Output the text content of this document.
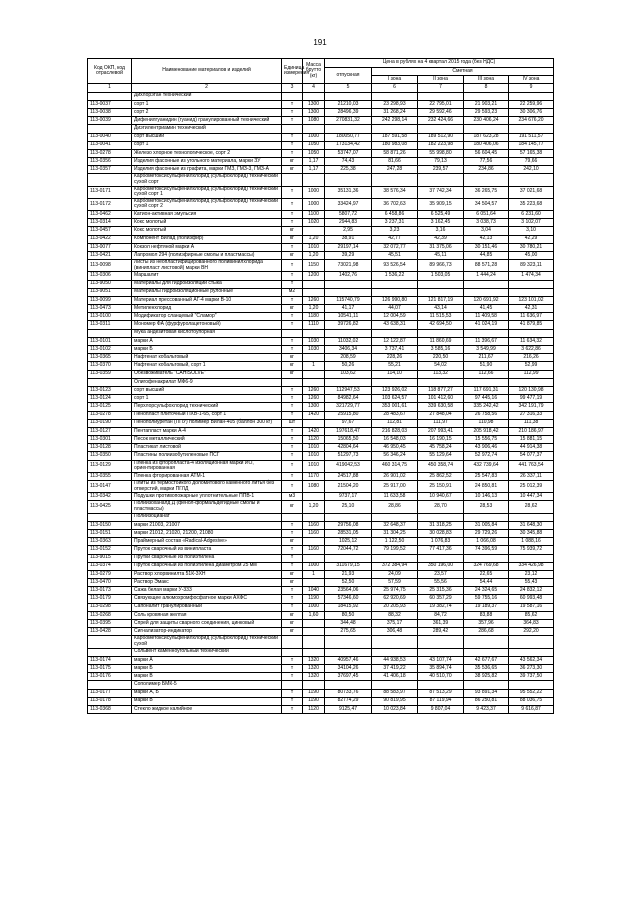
191
Код ОКП, код отраслевой	Наименование материалов и изделий	Единица измерения	Масса брутто (кг)	Цена в рублях на 4 квартал 2015 года (без НДС)				
				отпускная	Сметная			
					I зона	II зона	III зона	IV зона
1	2	3	4	5	6	7	8	9
	Дихлорэтан технический							
113-0037	сорт 1	т	1300	21210,03	23 298,93	22 795,01	21 903,21	22 259,96
113-0038	сорт 2	т	1300	28496,39	31 268,24	29 592,46	29 593,23	30 306,76
113-0039	Дифенилгуанидин (гуанид) гранулированный технический	т	1080	270831,32	242 298,14	232 424,66	230 406,24	234 676,20
	Диэтилентриамин технический							
113-0040	сорт высший	т	1000	180050,77	187 591,58	189 512,90	187 623,28	191 511,57
113-0041	сорт 1	т	1050	173134,42	180 983,08	182 223,98	180 406,06	184 145,77
113-0278	Железо хлорное технологическое, сорт 2	т	1050	53747,07	58 871,26	55 998,80	56 604,45	57 165,38
113-0356	Изделия фасонные из угольного материала, марки ЗУ	кг	1,17	74,43	81,66	79,13	77,56	79,66
113-0357	Изделия фасонные из графита, марки ГМЗ, ГМЗ-3, ГМЗ-А	кг	1,17	225,38	247,28	239,57	234,86	242,10
	Карбометоксисульфенилхлорид (сульфохлорид) технический сухой сорт							
113-0171	Карбометоксисульфенилхлорид (сульфохлорид) технический сухой сорт 1	т	1000	35131,36	38 576,34	37 742,34	36 265,75	37 021,68
113-0172	Карбометоксисульфенилхлорид (сульфохлорид) технический сухой сорт 2	т	1000	33424,97	36 702,63	35 909,15	34 504,57	35 223,68
113-0462	Катион-активная эмульсия	т	1100	5807,72	6 458,86	6 525,49	6 051,64	6 231,60
113-0314	Кокс молотый	т	1020	2944,83	3 237,31	3 162,45	3 038,73	3 102,07
113-0457	Кокс молотый	кг		2,95	3,23	3,16	3,04	3,10
113-0422	Компонент Вилад (полиэфир)	кг	1,20	38,91	42,77	42,39	42,13	42,29
113-0077	Кокзол нефтяной марки А	т	1010	29197,14	32 072,77	31 375,06	30 151,46	30 780,21
113-0421	Лапромол 294 (полиэфирные смолы и пластмассы)	кг	1,20	39,29	45,51	45,11	44,85	45,00
113-0098	Листы из неопластифицированного поливинилхлорида (винипласт листовой) марки ВН	т	1150	73021,98	93 526,54	89 966,73	88 571,28	89 323,11
113-0306	Маршалит	т	1200	1402,76	1 536,22	1 503,05	1 444,24	1 474,34
113-9050	Материалы для гидроизоляции стыка	т						
113-9051	Материалы гидроизоляционные рулонные	м2						
113-0099	Материал прессованный АГ-4 марки В-10	т	1260	115740,79	126 990,80	121 817,19	120 691,92	123 101,02
113-0473	Метиленхлорид	кг	1,20	41,17	44,07	43,14	41,45	42,31
113-0100	Модификатор сланцевый "Сламор"	т	1180	10541,11	12 004,59	11 515,53	11 409,58	11 636,97
113-0311	Мономер ФА (фурфуролацетоновый)	т	1110	39726,82	43 638,31	42 694,50	41 024,19	41 879,85
	Мука андезитовая кислотоупорная							
113-0101	марки А	т	1030	11032,02	12 122,87	11 860,69	11 396,67	11 634,32
113-0102	марки Б	т	1030	3406,34	3 737,41	3 585,16	3 549,99	3 622,86
113-0365	Нафтенат кобальтовый	кг		208,59	228,26	220,50	211,67	216,26
113-0370	Нафтенат кобальтовый, сорт 1	кг	1	50,26	55,21	54,02	51,90	52,99
113-0359	Обезвоживатель "САНISOLVE"	кг		103,62	114,10	113,32	112,66	112,99
	Олигофенакрилат МФ6-9							
113-0123	сорт высший	т	1260	112947,53	123 926,02	118 877,27	117 691,31	120 130,98
113-0124	сорт 1	т	1260	84982,64	103 624,57	101 412,60	97 445,16	99 477,19
113-0125	Перхлорсульфохлорид технический	т	1300	321729,77	353 001,61	339 630,58	335 242,42	342 191,79
113-0278	Пенопласт плиточный ПХВ-1-65, сорт 1	т	1420	25915,80	28 483,67	27 848,04	26 758,56	27 316,33
113-0190	Пенополиуретан (ППУ) полимер Вилан-405 (баллон 300 кг)	шт		97,67	112,81	111,97	110,98	111,38
113-0127	Пентапласт марки А-4	т	1420	197618,47	216 828,03	207 993,41	205 918,42	210 186,97
113-0301	Песок металлический	т	1120	15065,50	16 548,03	16 190,15	15 556,75	15 881,15
113-0128	Пластикат листовой	т	1010	42804,64	46 950,45	45 758,24	43 906,46	44 914,38
113-0350	Пластины полиизобутиленовые ПСГ	т	1010	51297,73	56 346,24	55 129,64	52 972,74	54 077,37
113-0129	Пленка из фторопласта-4 изоляционная марки ИО, ориентированная	т	1010	419042,53	460 314,75	450 358,74	432 739,64	441 763,54
113-0355	Пленка фторированная АТМ-1	т	1170	24517,88	26 901,02	25 862,52	25 547,83	26 337,11
113-0147	Плиты из термостойкого доломитового каменного литья без отверстий, марки ПГЛД	т	1080	21504,20	25 917,00	25 150,91	24 850,81	25 012,39
113-0342	Подушки противопожарные уплотнительные ППВ-1	м3		9737,17	11 633,58	10 940,67	10 146,13	10 447,34
113-0425	Полиизоханалд Д (фенол-формальдегидные смолы и пластмассы)	кг	1,20	25,10	28,86	28,70	28,53	28,62
	Полиизоцианат							
113-0150	марки 21003, 21007	т	1160	29756,08	32 648,37	31 318,25	31 005,84	31 648,30
113-0151	марки 21012, 21020, 21200, 21080	т	1160	28531,05	31 304,25	30 028,83	29 729,26	30 345,88
113-0363	Праймерный состав «Radical-Adgesive»	кг		1025,12	1 122,50	1 076,83	1 066,08	1 088,16
113-0152	Пруток сварочный из винипласта	т	1160	72044,72	79 199,52	77 417,36	74 396,59	75 939,72
113-9015	Прутки сварочные из полиэтилена	т						
113-0374	Пруток сварочный из полиэтилена диаметром 25 мм	т	1000	311679,15	372 384,94	350 196,00	324 769,68	334 426,98
113-0279	Раствор хлорвинилта 51К-3XН	кг	1	21,93	24,09	23,57	22,65	23,12
113-0470	Раствор Эмакс	кг		52,50	57,59	55,56	54,44	55,43
113-0173	Сажа белая марки У-333	т	1040	23564,06	25 974,75	25 315,36	24 324,65	24 832,12
113-0179	Связующее алюмохромфосфатное марки АХФС	т	1190	57346,60	62 920,69	60 357,29	59 755,16	60 993,48
113-0298	Сапоналит гранулированный	т	1000	18415,92	20 205,93	19 382,74	19 189,37	19 587,16
113-0268	Соль кровяная желтая	кг	1,60	80,50	88,32	84,72	83,88	85,62
113-0395	Спрей для защиты сварного соединения, цинковый	кг		344,48	375,17	361,39	357,96	364,83
113-0428	Сигнализатор-индикатор	кг		275,65	306,48	289,42	286,68	292,20
	Карбометоксисульфенилхлорид (сульфохлорид) технический сухой							
	Сольвент каменноугольный технический							
113-0174	марки А	т	1320	40957,46	44 938,53	43 107,74	42 677,67	43 562,34
113-0175	марки Б	т	1320	34104,26	37 419,22	35 894,74	35 536,65	36 273,30
113-0176	марки В	т	1320	37697,45	41 406,18	40 510,70	38 925,82	39 737,50
	Сополимер БМК-5							
113-0177	марки А, Б	т	1190	80733,76	88 583,97	87 513,29	93 891,34	95 552,22
113-0178	марки В	т	1190	82774,29	90 819,95	87 119,94	86 250,81	88 036,75
113-0368	Стекло жидкое калийное	т	1120	9125,47	10 023,84	9 807,04	9 423,37	9 616,87
